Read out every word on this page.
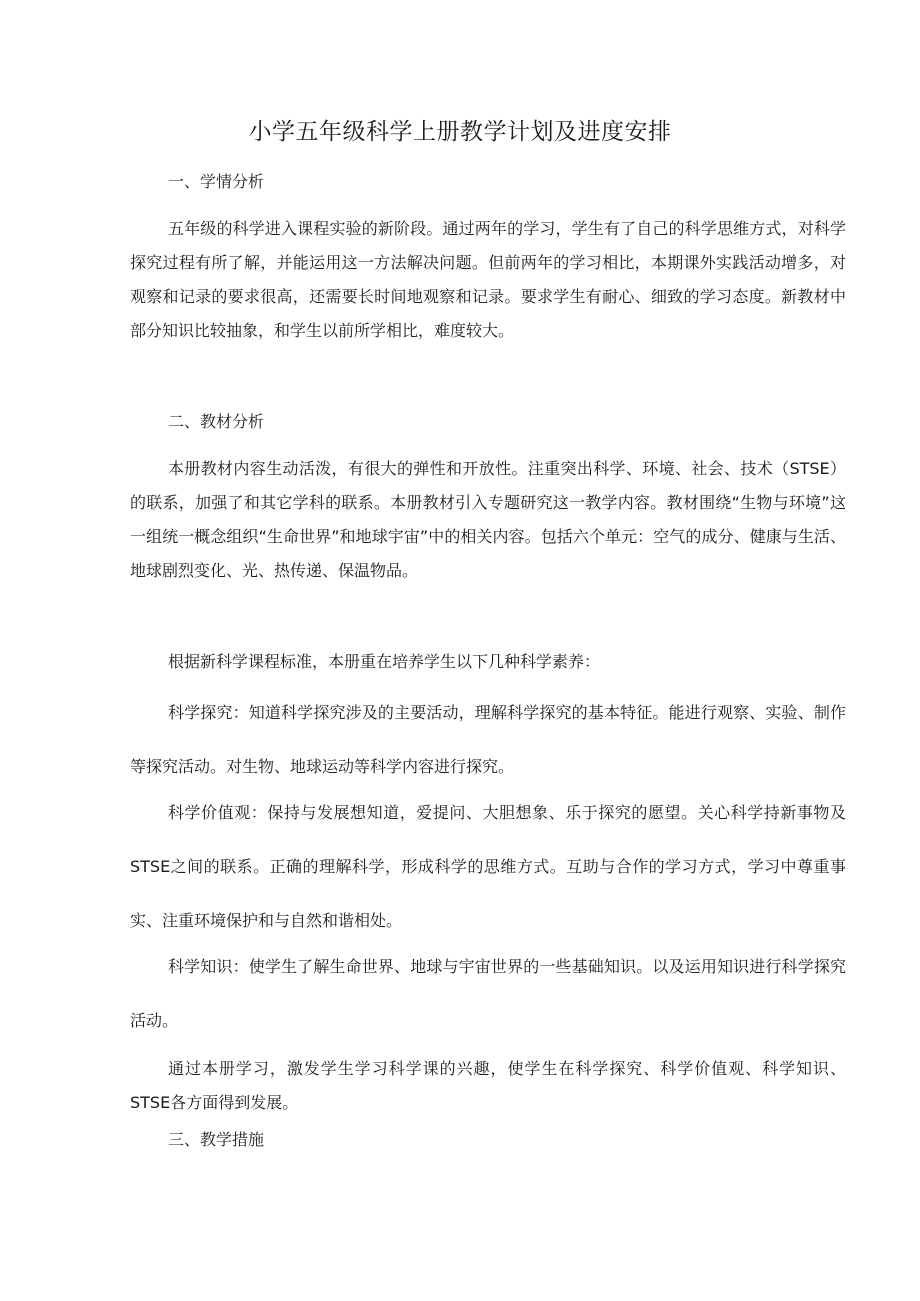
小学五年级科学上册教学计划及进度安排
一、学情分析

五年级的科学进入课程实验的新阶段。通过两年的学习，学生有了自己的科学思维方式，对科学探究过程有所了解，并能运用这一方法解决问题。但前两年的学习相比，本期课外实践活动增多，对观察和记录的要求很高，还需要长时间地观察和记录。要求学生有耐心、细致的学习态度。新教材中部分知识比较抽象，和学生以前所学相比，难度较大。

二、教材分析

本册教材内容生动活泼，有很大的弹性和开放性。注重突出科学、环境、社会、技术（STSE）的联系，加强了和其它学科的联系。本册教材引入专题研究这一教学内容。教材围绕“生物与环境”这一组统一概念组织“生命世界”和地球宇宙”中的相关内容。包括六个单元：空气的成分、健康与生活、地球剧烈变化、光、热传递、保温物品。

根据新科学课程标准，本册重在培养学生以下几种科学素养：

科学探究：知道科学探究涉及的主要活动，理解科学探究的基本特征。能进行观察、实验、制作等探究活动。对生物、地球运动等科学内容进行探究。

科学价值观：保持与发展想知道，爱提问、大胆想象、乐于探究的愿望。关心科学持新事物及STSE之间的联系。正确的理解科学，形成科学的思维方式。互助与合作的学习方式，学习中尊重事实、注重环境保护和与自然和谐相处。

科学知识：使学生了解生命世界、地球与宇宙世界的一些基础知识。以及运用知识进行科学探究活动。

通过本册学习，激发学生学习科学课的兴趣，使学生在科学探究、科学价值观、科学知识、STSE各方面得到发展。

三、教学措施
